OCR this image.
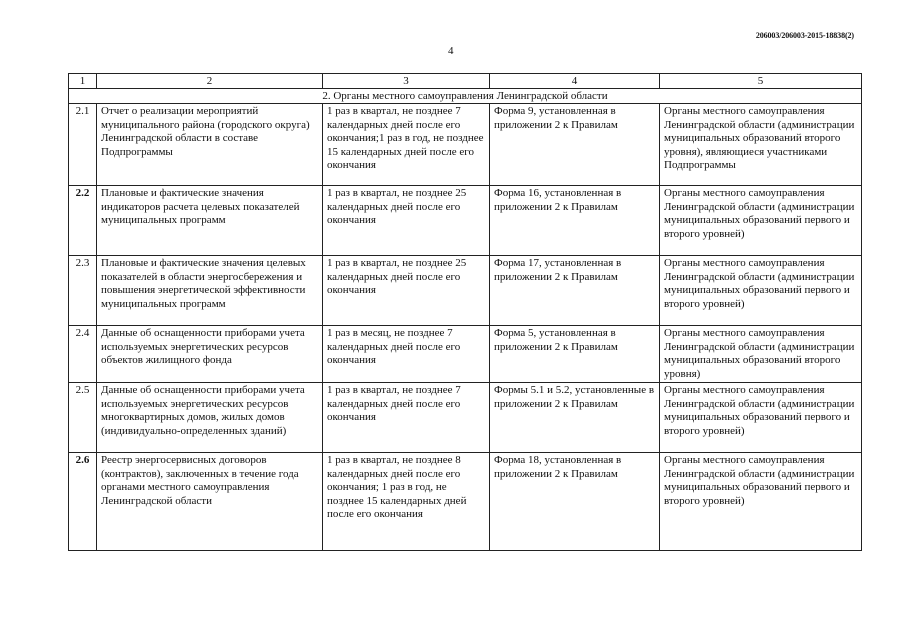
206003/206003-2015-18838(2)
4
1	2	3	4	5
2. Органы местного самоуправления Ленинградской области				
2.1	Отчет о реализации мероприятий муниципального района (городского округа) Ленинградской области в составе Подпрограммы	1 раз в квартал, не позднее 7 календарных дней после его окончания;1 раз в год, не позднее 15 календарных дней после его окончания	Форма 9, установленная в приложении 2 к Правилам	Органы местного самоуправления Ленинградской области (администрации муниципальных образований второго уровня), являющиеся участниками Подпрограммы
2.2	Плановые и фактические значения индикаторов расчета целевых показателей муниципальных программ	1 раз в квартал, не позднее 25 календарных дней после его окончания	Форма 16, установленная в приложении 2 к Правилам	Органы местного самоуправления Ленинградской области (администрации муниципальных образований первого и второго уровней)
2.3	Плановые и фактические значения целевых показателей в области энергосбережения и повышения энергетической эффективности муниципальных программ	1 раз в квартал, не позднее 25 календарных дней после его окончания	Форма 17, установленная в приложении 2 к Правилам	Органы местного самоуправления Ленинградской области (администрации муниципальных образований первого и второго уровней)
2.4	Данные об оснащенности приборами учета используемых энергетических ресурсов объектов жилищного фонда	1 раз в месяц, не позднее 7 календарных дней после его окончания	Форма 5, установленная в приложении 2 к Правилам	Органы местного самоуправления Ленинградской области (администрации муниципальных образований второго уровня)
2.5	Данные об оснащенности приборами учета используемых энергетических ресурсов многоквартирных домов, жилых домов (индивидуально-определенных зданий)	1 раз в квартал, не позднее 7 календарных дней после его окончания	Формы 5.1 и 5.2, установленные в приложении 2 к Правилам	Органы местного самоуправления Ленинградской области (администрации муниципальных образований первого и второго уровней)
2.6	Реестр энергосервисных договоров (контрактов), заключенных в течение года органами местного самоуправления Ленинградской области	1 раз в квартал, не позднее 8 календарных дней после его окончания; 1 раз в год, не позднее 15 календарных дней после его окончания	Форма 18, установленная в приложении 2 к Правилам	Органы местного самоуправления Ленинградской области (администрации муниципальных образований первого и второго уровней)
